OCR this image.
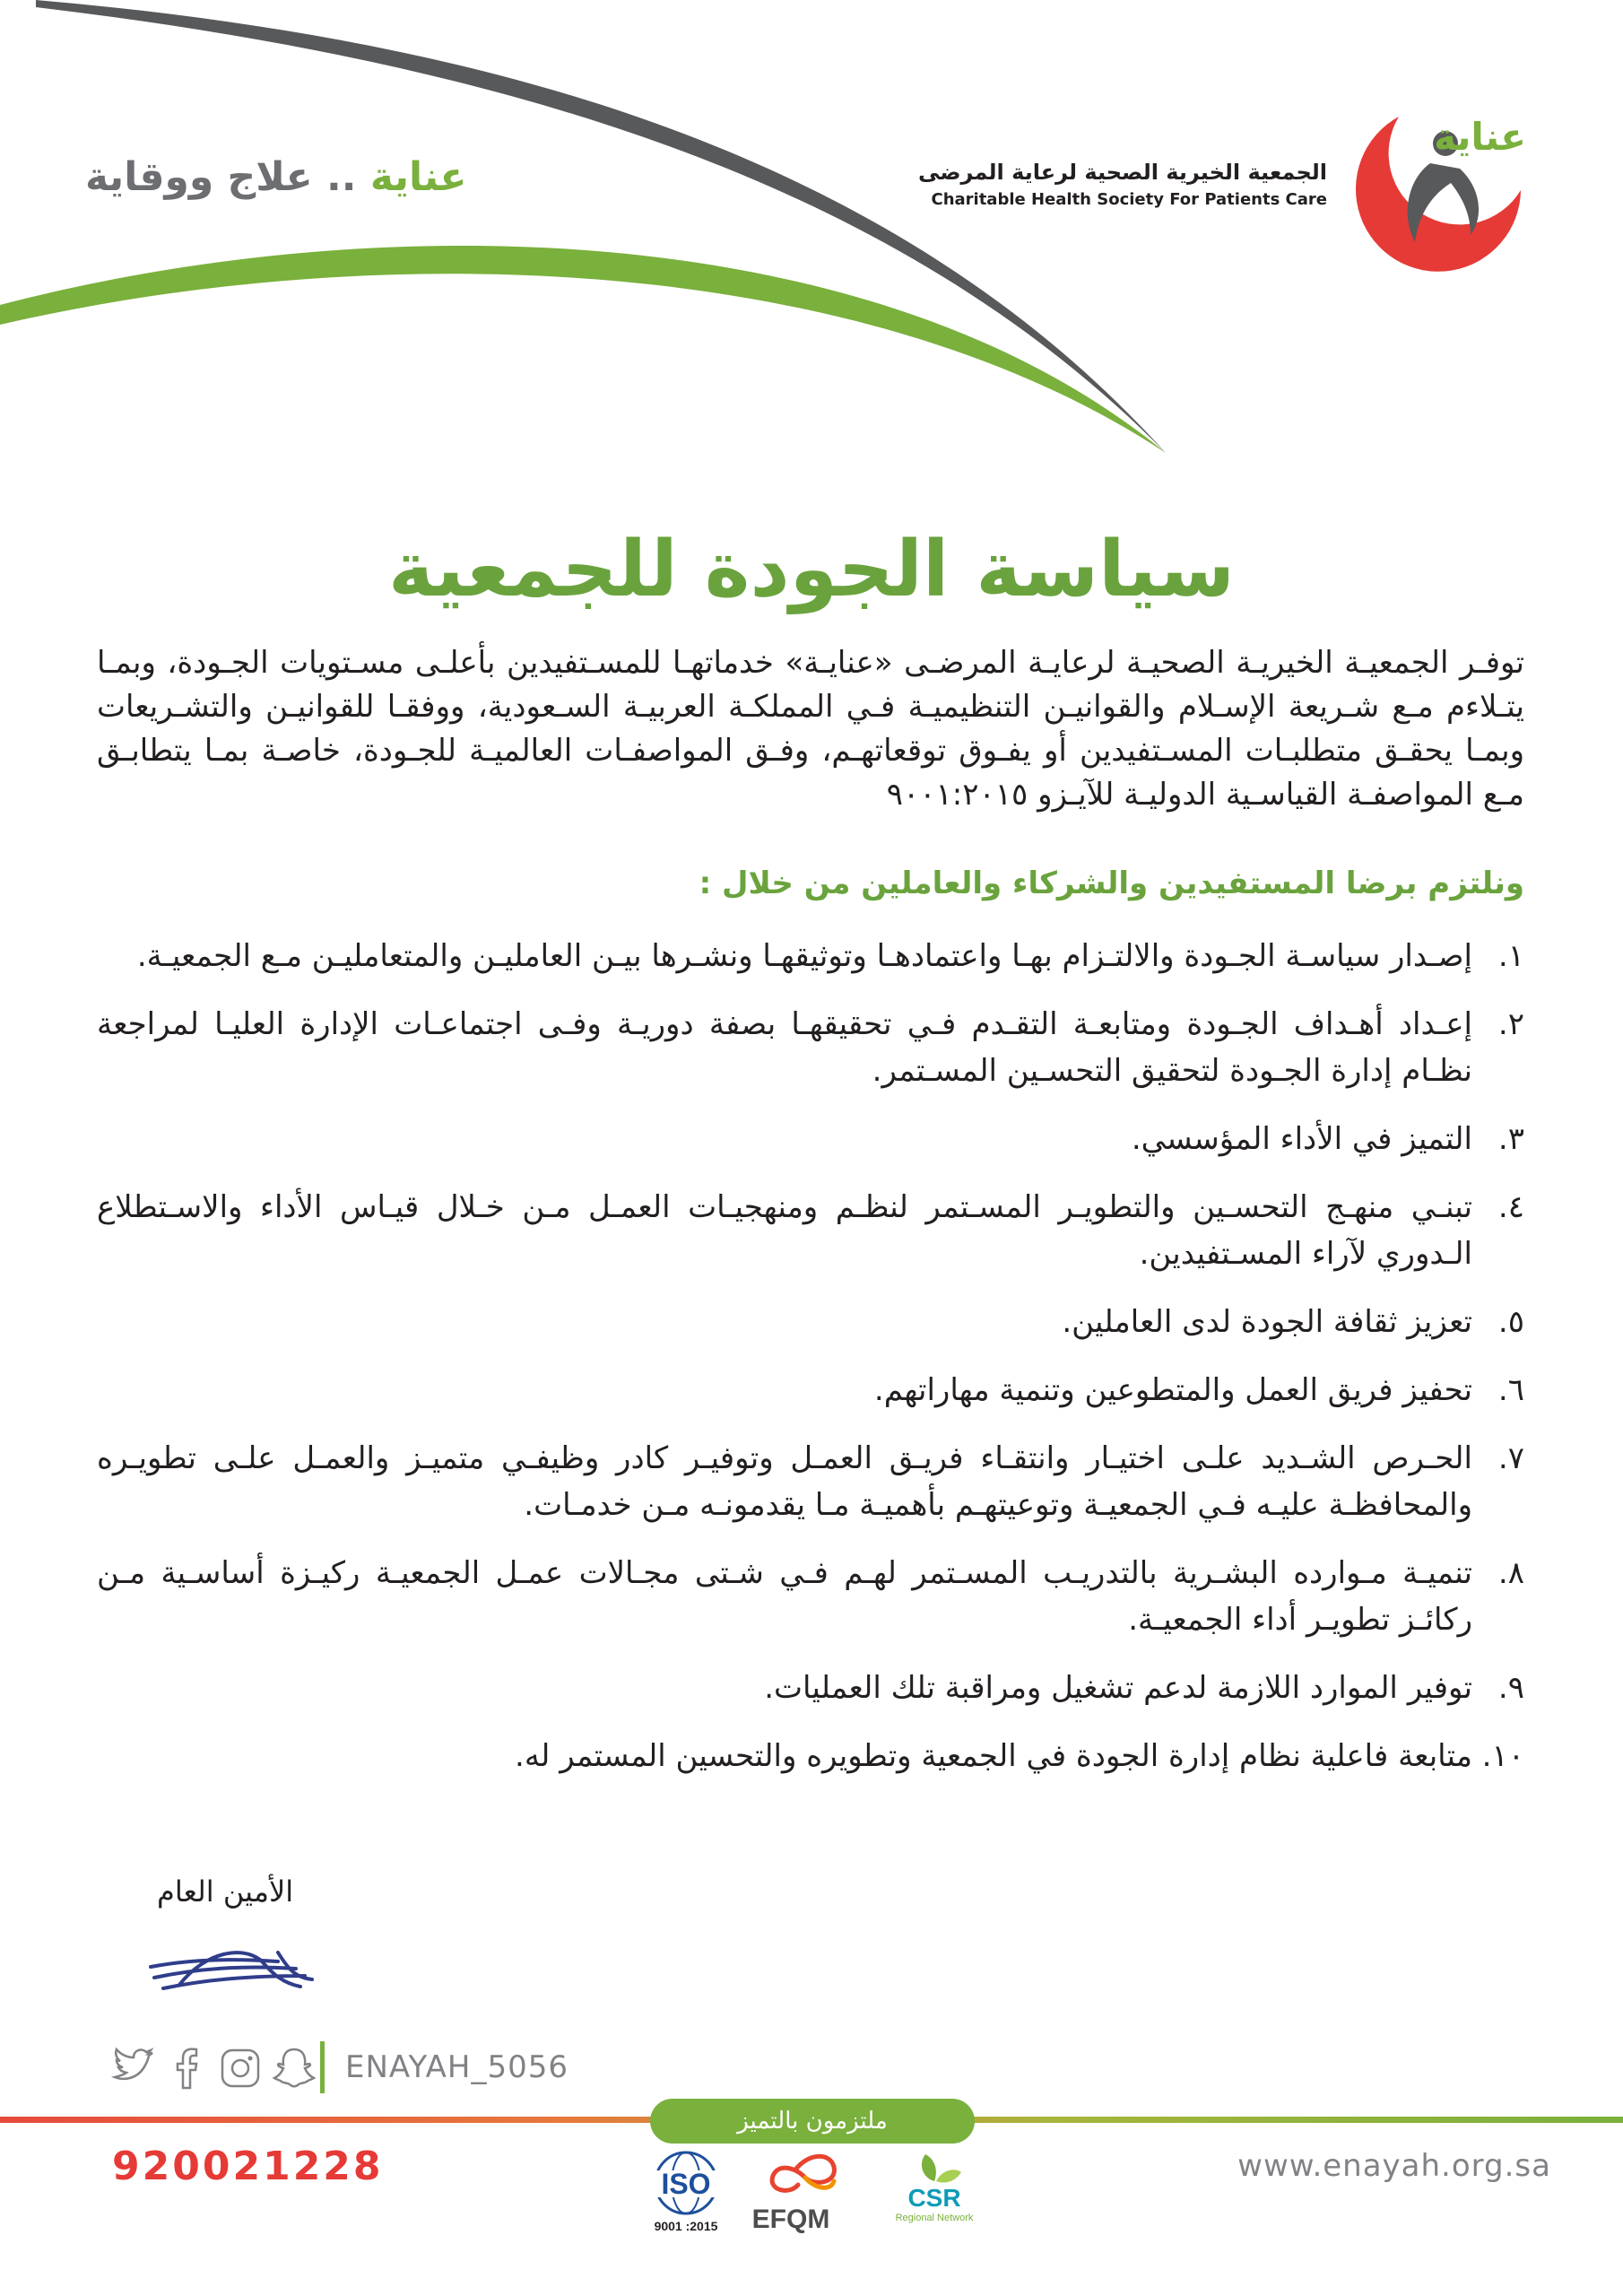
عناية
الجمعية الخيرية الصحية لرعاية المرضى
Charitable Health Society For Patients Care
عناية .. علاج ووقاية
سياسة الجودة للجمعية

توفـر الجمعيـة الخيريـة الصحيـة لرعايـة المرضـى «عنايـة» خدماتهـا للمسـتفيدين بأعلـى مسـتويات الجـودة، وبمـا يتـلاءم مـع شـريعة الإسـلام والقوانيـن التنظيميـة فـي المملكـة العربيـة السـعودية، ووفقـا للقوانيـن والتشـريعات وبمـا يحقـق متطلبـات المسـتفيدين أو يفـوق توقعاتهـم، وفـق المواصفـات العالميـة للجـودة، خاصـة بمـا يتطابـق مـع المواصفـة القياسـية الدوليـة للآيـزو ٩٠٠١:٢٠١٥

ونلتزم برضا المستفيدين والشركاء والعاملين من خلال :
١.
إصـدار سياسـة الجـودة والالتـزام بهـا واعتمادهـا وتوثيقهـا ونشـرها بيـن العامليـن والمتعامليـن مـع الجمعيـة.
٢.
إعـداد أهـداف الجـودة ومتابعـة التقـدم فـي تحقيقهـا بصفة دوريـة وفـى اجتماعـات الإدارة العليـا لمراجعة نظـام إدارة الجـودة لتحقيق التحسـين المسـتمر.
٣.
التميز في الأداء المؤسسي.
٤.
تبنـي منهـج التحسـين والتطويـر المسـتمر لنظـم ومنهجيـات العمـل مـن خـلال قيـاس الأداء والاسـتطلاع الـدوري لآراء المسـتفيدين.
٥.
تعزيز ثقافة الجودة لدى العاملين.
٦.
تحفيز فريق العمل والمتطوعين وتنمية مهاراتهم.
٧.
الحـرص الشـديد علـى اختيـار وانتقـاء فريـق العمـل وتوفيـر كادر وظيفـي متميـز والعمـل علـى تطويـره والمحافظـة عليـه فـي الجمعيـة وتوعيتهـم بأهميـة مـا يقدمونـه مـن خدمـات.
٨.
تنميـة مـوارده البشـرية بالتدريـب المسـتمر لهـم فـي شـتى مجـالات عمـل الجمعيـة ركيـزة أساسـية مـن ركائـز تطويـر أداء الجمعيـة.
٩.
توفير الموارد اللازمة لدعم تشغيل ومراقبة تلك العمليات.
١٠.
متابعة فاعلية نظام إدارة الجودة في الجمعية وتطويره والتحسين المستمر له.
الأمين العام
ENAYAH_5056
ملتزمون بالتميز
920021228	www.enayah.org.sa
ISO
9001 :2015 EFQM
CSR
Regional Network
